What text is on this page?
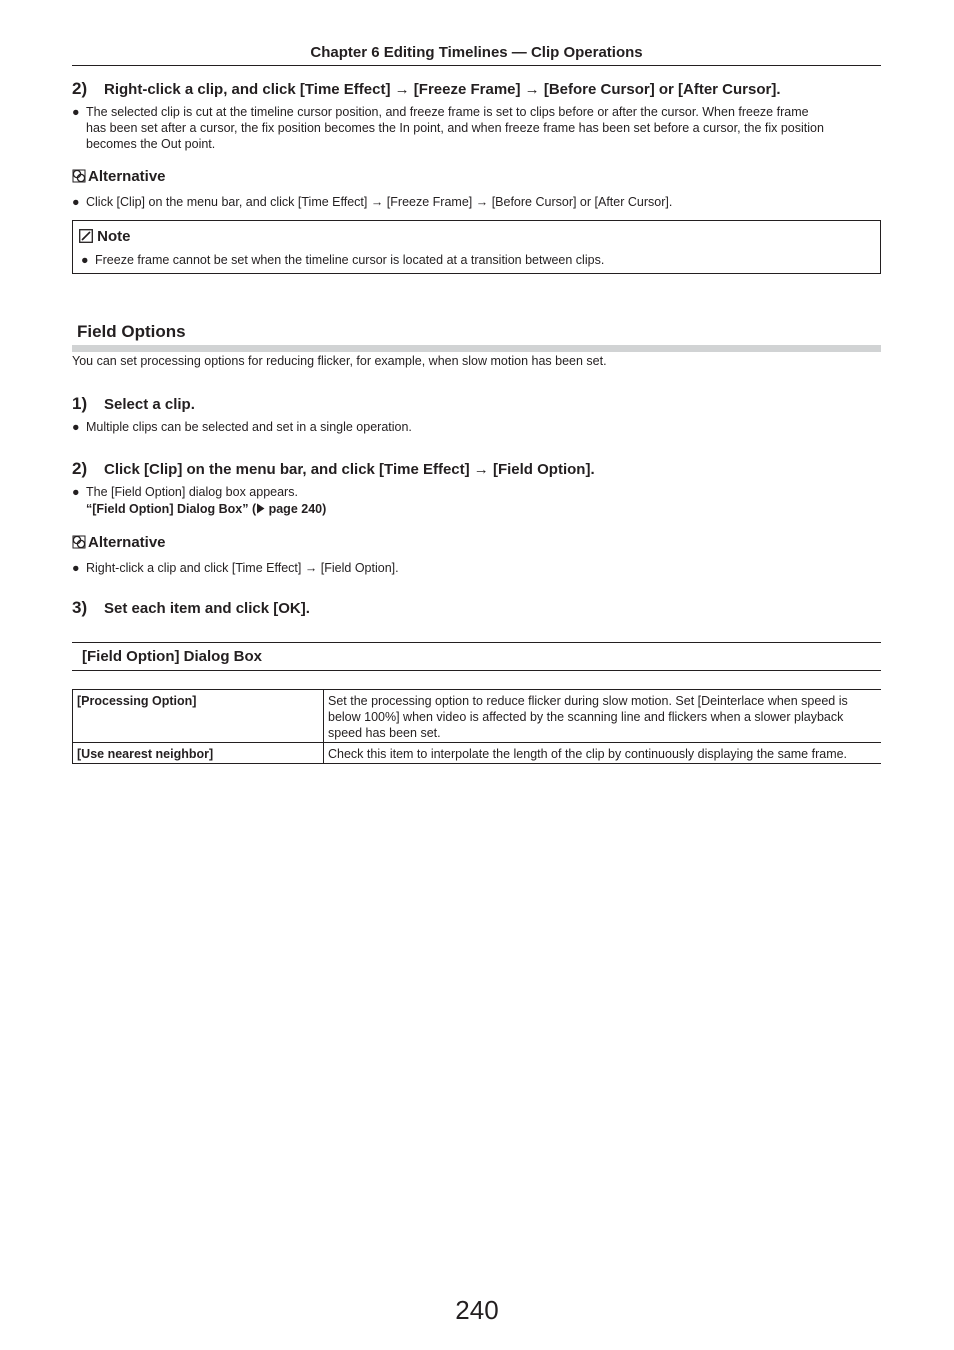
Chapter 6 Editing Timelines — Clip Operations
2) Right-click a clip, and click [Time Effect] → [Freeze Frame] → [Before Cursor] or [After Cursor].
● The selected clip is cut at the timeline cursor position, and freeze frame is set to clips before or after the cursor. When freeze frame
has been set after a cursor, the fix position becomes the In point, and when freeze frame has been set before a cursor, the fix position
becomes the Out point.
Alternative
● Click [Clip] on the menu bar, and click [Time Effect] → [Freeze Frame] → [Before Cursor] or [After Cursor].
Note
● Freeze frame cannot be set when the timeline cursor is located at a transition between clips.
Field Options
You can set processing options for reducing flicker, for example, when slow motion has been set.
1) Select a clip.
● Multiple clips can be selected and set in a single operation.
2) Click [Clip] on the menu bar, and click [Time Effect] → [Field Option].
● The [Field Option] dialog box appears.
“[Field Option] Dialog Box” ( page 240)
Alternative
● Right-click a clip and click [Time Effect] → [Field Option].
3) Set each item and click [OK].
[Field Option] Dialog Box
[Processing Option]	Set the processing option to reduce flicker during slow motion. Set [Deinterlace when speed is
below 100%] when video is affected by the scanning line and flickers when a slower playback
speed has been set.

[Use nearest neighbor]	Check this item to interpolate the length of the clip by continuously displaying the same frame.
240
